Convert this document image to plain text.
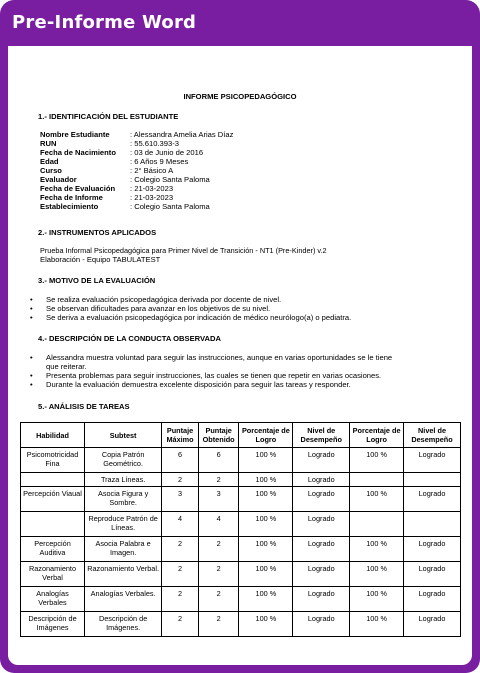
Pre-Informe Word
INFORME PSICOPEDAGÓGICO
1.- IDENTIFICACIÓN DEL ESTUDIANTE
Nombre Estudiante	: Alessandra Amelia Arias Díaz
RUN	: 55.610.393-3
Fecha de Nacimiento : 03 de Junio de 2016
Edad	: 6 Años 9 Meses
Curso	: 2° Básico A
Evaluador	: Colegio Santa Paloma
Fecha de Evaluación : 21-03-2023
Fecha de Informe	: 21-03-2023
Establecimiento	: Colegio Santa Paloma
2.- INSTRUMENTOS APLICADOS
Prueba Informal Psicopedagógica para Primer Nivel de Transición - NT1 (Pre-Kinder) v.2
Elaboración - Equipo TABULATEST
3.- MOTIVO DE LA EVALUACIÓN
• Se realiza evaluación psicopedagógica derivada por docente de nivel.
• Se observan dificultades para avanzar en los objetivos de su nivel.
• Se deriva a evaluación psicopedagógica por indicación de médico neurólogo(a) o pediatra.
4.- DESCRIPCIÓN DE LA CONDUCTA OBSERVADA
• Alessandra muestra voluntad para seguir las instrucciones, aunque en varias oportunidades se le tiene
que reiterar.
• Presenta problemas para seguir instrucciones, las cuales se tienen que repetir en varias ocasiones.
• Durante la evaluación demuestra excelente disposición para seguir las tareas y responder.
5.- ANÁLISIS DE TAREAS
Habilidad	Subtest	Puntaje Máximo	Puntaje Obtenido	Porcentaje de Logro	Nivel de Desempeño	Porcentaje de Logro	Nivel de Desempeño
Psicomotricidad Fina	Copia Patrón Geométrico.	6	6	100 %	Logrado	100 %	Logrado
	Traza Líneas.	2	2	100 %	Logrado		
Percepción Viaual	Asocia Figura y Sombre.	3	3	100 %	Logrado	100 %	Logrado
	Reproduce Patrón de Líneas.	4	4	100 %	Logrado		
Percepción Auditiva	Asocia Palabra e Imagen.	2	2	100 %	Logrado	100 %	Logrado
Razonamiento Verbal	Razonamiento Verbal.	2	2	100 %	Logrado	100 %	Logrado
Analogías Verbales	Analogías Verbales.	2	2	100 %	Logrado	100 %	Logrado
Descripción de Imágenes	Descripción de Imágenes.	2	2	100 %	Logrado	100 %	Logrado
